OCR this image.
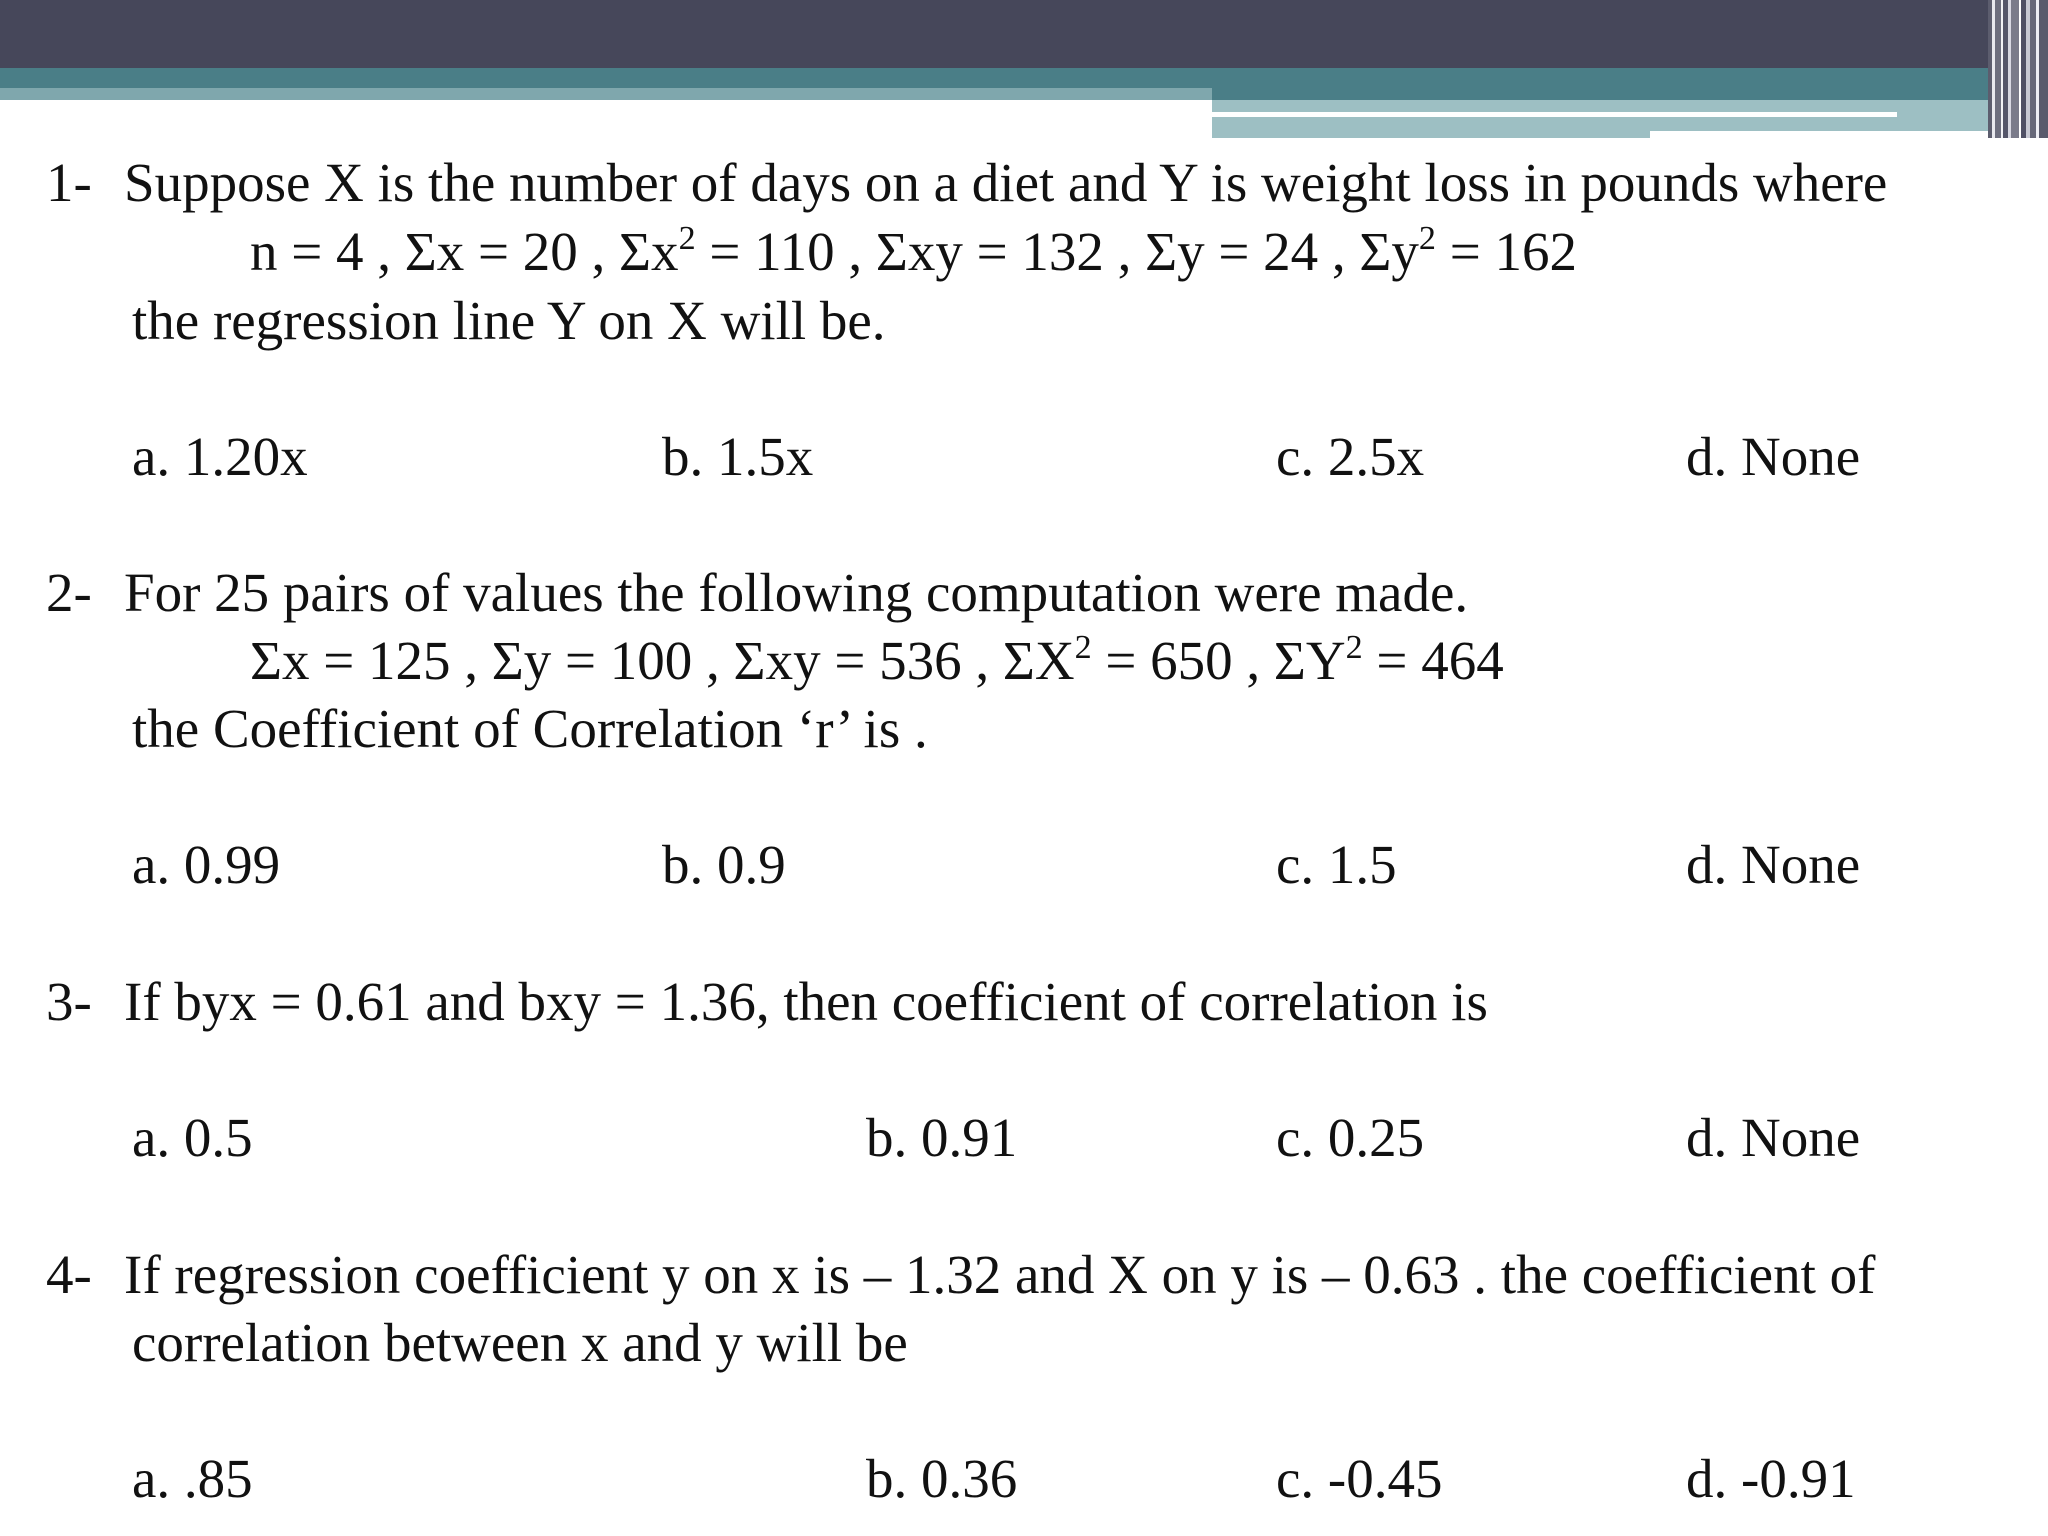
1- Suppose X is the number of days on a diet and Y is weight loss in pounds where
n = 4 , Σx = 20 , $\Sigma x^2 = 110$ , Σxy = 132 , Σy = 24 , $\Sigma y^2 = 162$
the regression line Y on X will be.
a. 1.20x	b. 1.5x	c. 2.5x	d. None
2- For 25 pairs of values the following computation were made.
Σx = 125 , Σy = 100 , Σxy = 536 , $\Sigma X^2 = 650$ , $\Sigma Y^2 = 464$
the Coefficient of Correlation ‘r’ is .
a. 0.99	b. 0.9	c. 1.5	d. None
3- If byx = 0.61 and bxy = 1.36, then coefficient of correlation is
a. 0.5	b. 0.91	c. 0.25	d. None
4- If regression coefficient y on x is – 1.32 and X on y is – 0.63 . the coefficient of
correlation between x and y will be
a. .85	b. 0.36	c. -0.45	d. -0.91
